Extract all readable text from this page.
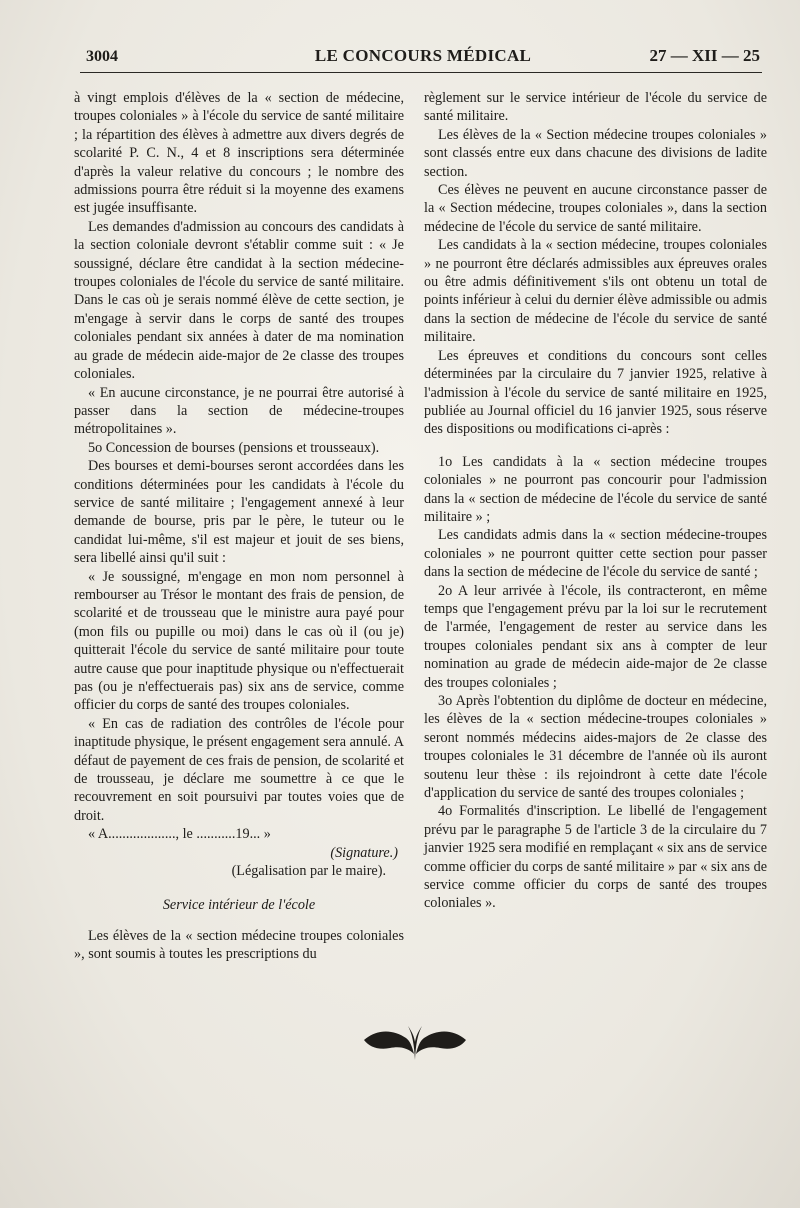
3004	LE CONCOURS MÉDICAL	27 — XII — 25

à vingt emplois d'élèves de la « section de médecine, troupes coloniales » à l'école du service de santé militaire ; la répartition des élèves à admettre aux divers degrés de scolarité P. C. N., 4 et 8 inscriptions sera déterminée d'après la valeur relative du concours ; le nombre des admissions pourra être réduit si la moyenne des examens est jugée insuffisante.

Les demandes d'admission au concours des candidats à la section coloniale devront s'établir comme suit : « Je soussigné, déclare être candidat à la section médecine-troupes coloniales de l'école du service de santé militaire. Dans le cas où je serais nommé élève de cette section, je m'engage à servir dans le corps de santé des troupes coloniales pendant six années à dater de ma nomination au grade de médecin aide-major de 2e classe des troupes coloniales.

« En aucune circonstance, je ne pourrai être autorisé à passer dans la section de médecine-troupes métropolitaines ».

5o Concession de bourses (pensions et trousseaux).

Des bourses et demi-bourses seront accordées dans les conditions déterminées pour les candidats à l'école du service de santé militaire ; l'engagement annexé à leur demande de bourse, pris par le père, le tuteur ou le candidat lui-même, s'il est majeur et jouit de ses biens, sera libellé ainsi qu'il suit :

« Je soussigné, m'engage en mon nom personnel à rembourser au Trésor le montant des frais de pension, de scolarité et de trousseau que le ministre aura payé pour (mon fils ou pupille ou moi) dans le cas où il (ou je) quitterait l'école du service de santé militaire pour toute autre cause que pour inaptitude physique ou n'effectuerait pas (ou je n'effectuerais pas) six ans de service, comme officier du corps de santé des troupes coloniales.

« En cas de radiation des contrôles de l'école pour inaptitude physique, le présent engagement sera annulé. A défaut de payement de ces frais de pension, de scolarité et de trousseau, je déclare me soumettre à ce que le recouvrement en soit poursuivi par toutes voies que de droit.

« A..................., le ...........19... »

(Signature.)

(Légalisation par le maire).

Service intérieur de l'école

Les élèves de la « section médecine troupes coloniales », sont soumis à toutes les prescriptions du

règlement sur le service intérieur de l'école du service de santé militaire.

Les élèves de la « Section médecine troupes coloniales » sont classés entre eux dans chacune des divisions de ladite section.

Ces élèves ne peuvent en aucune circonstance passer de la « Section médecine, troupes coloniales », dans la section médecine de l'école du service de santé militaire.

Les candidats à la « section médecine, troupes coloniales » ne pourront être déclarés admissibles aux épreuves orales ou être admis définitivement s'ils ont obtenu un total de points inférieur à celui du dernier élève admissible ou admis dans la section de médecine de l'école du service de santé militaire.

Les épreuves et conditions du concours sont celles déterminées par la circulaire du 7 janvier 1925, relative à l'admission à l'école du service de santé militaire en 1925, publiée au Journal officiel du 16 janvier 1925, sous réserve des dispositions ou modifications ci-après :

1o Les candidats à la « section médecine troupes coloniales » ne pourront pas concourir pour l'admission dans la « section de médecine de l'école du service de santé militaire » ;

Les candidats admis dans la « section médecine-troupes coloniales » ne pourront quitter cette section pour passer dans la section de médecine de l'école du service de santé ;

2o A leur arrivée à l'école, ils contracteront, en même temps que l'engagement prévu par la loi sur le recrutement de l'armée, l'engagement de rester au service dans les troupes coloniales pendant six ans à compter de leur nomination au grade de médecin aide-major de 2e classe des troupes coloniales ;

3o Après l'obtention du diplôme de docteur en médecine, les élèves de la « section médecine-troupes coloniales » seront nommés médecins aides-majors de 2e classe des troupes coloniales le 31 décembre de l'année où ils auront soutenu leur thèse : ils rejoindront à cette date l'école d'application du service de santé des troupes coloniales ;

4o Formalités d'inscription. Le libellé de l'engagement prévu par le paragraphe 5 de l'article 3 de la circulaire du 7 janvier 1925 sera modifié en remplaçant « six ans de service comme officier du corps de santé militaire » par « six ans de service comme officier du corps de santé des troupes coloniales ».
